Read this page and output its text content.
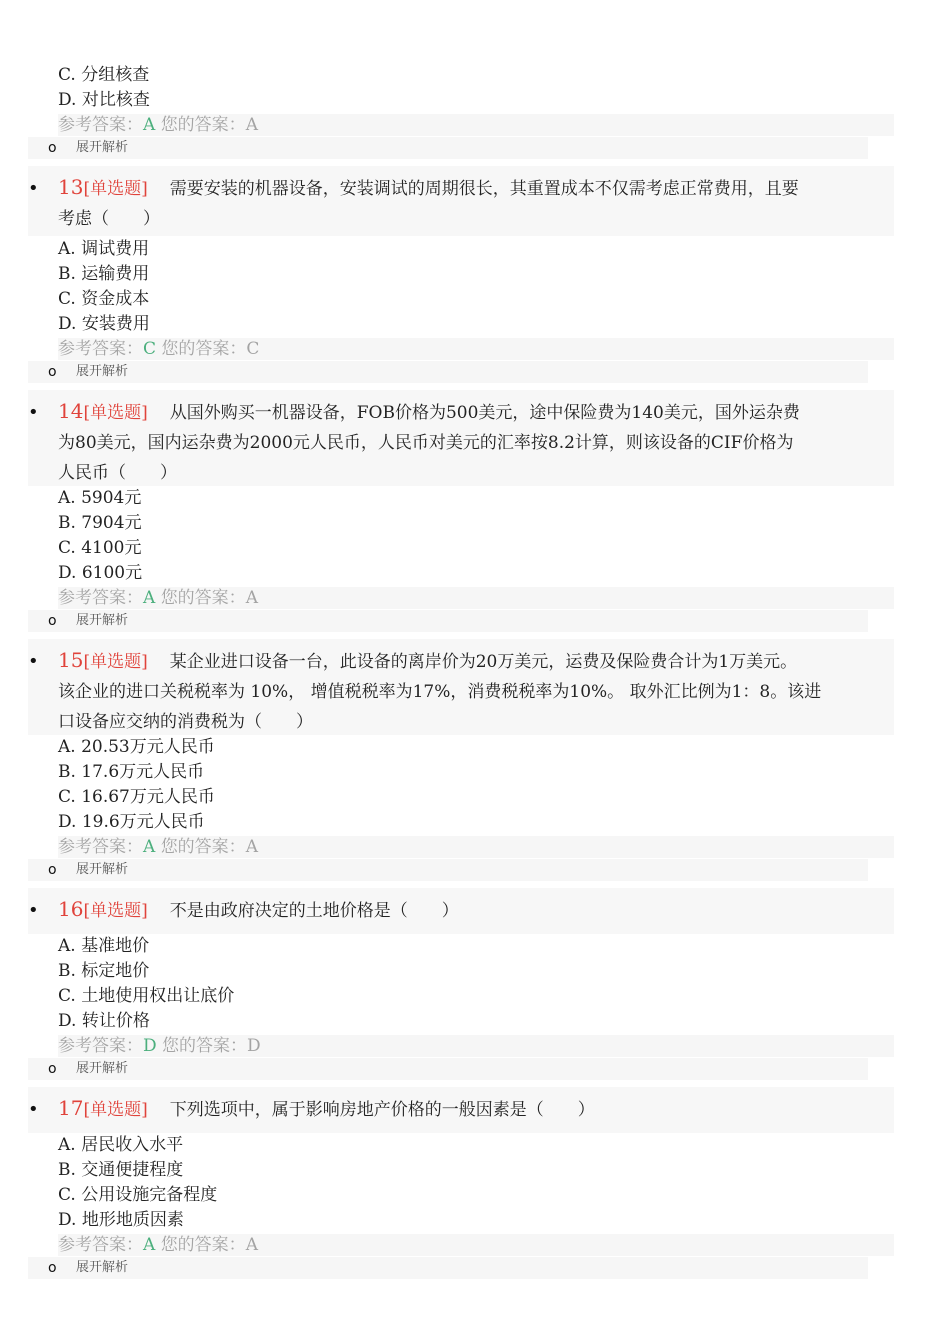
C. 分组核查
D. 对比核查
参考答案：A 您的答案：A
o 展开解析
• 13[单选题] 需要安装的机器设备，安装调试的周期很长，其重置成本不仅需考虑正常费用，且要
考虑（　　）
A. 调试费用
B. 运输费用
C. 资金成本
D. 安装费用
参考答案：C 您的答案：C
o 展开解析
• 14[单选题] 从国外购买一机器设备，FOB价格为500美元，途中保险费为140美元，国外运杂费
为80美元，国内运杂费为2000元人民币，人民币对美元的汇率按8.2计算，则该设备的CIF价格为
人民币（　　）
A. 5904元
B. 7904元
C. 4100元
D. 6100元
参考答案：A 您的答案：A
o 展开解析
• 15[单选题] 某企业进口设备一台，此设备的离岸价为20万美元，运费及保险费合计为1万美元。
该企业的进口关税税率为 10%， 增值税税率为17%，消费税税率为10%。 取外汇比例为1：8。该进
口设备应交纳的消费税为（　　）
A. 20.53万元人民币
B. 17.6万元人民币
C. 16.67万元人民币
D. 19.6万元人民币
参考答案：A 您的答案：A
o 展开解析
• 16[单选题] 不是由政府决定的土地价格是（　　）
A. 基准地价
B. 标定地价
C. 土地使用权出让底价
D. 转让价格
参考答案：D 您的答案：D
o 展开解析
• 17[单选题] 下列选项中，属于影响房地产价格的一般因素是（　　）
A. 居民收入水平
B. 交通便捷程度
C. 公用设施完备程度
D. 地形地质因素
参考答案：A 您的答案：A
o 展开解析
